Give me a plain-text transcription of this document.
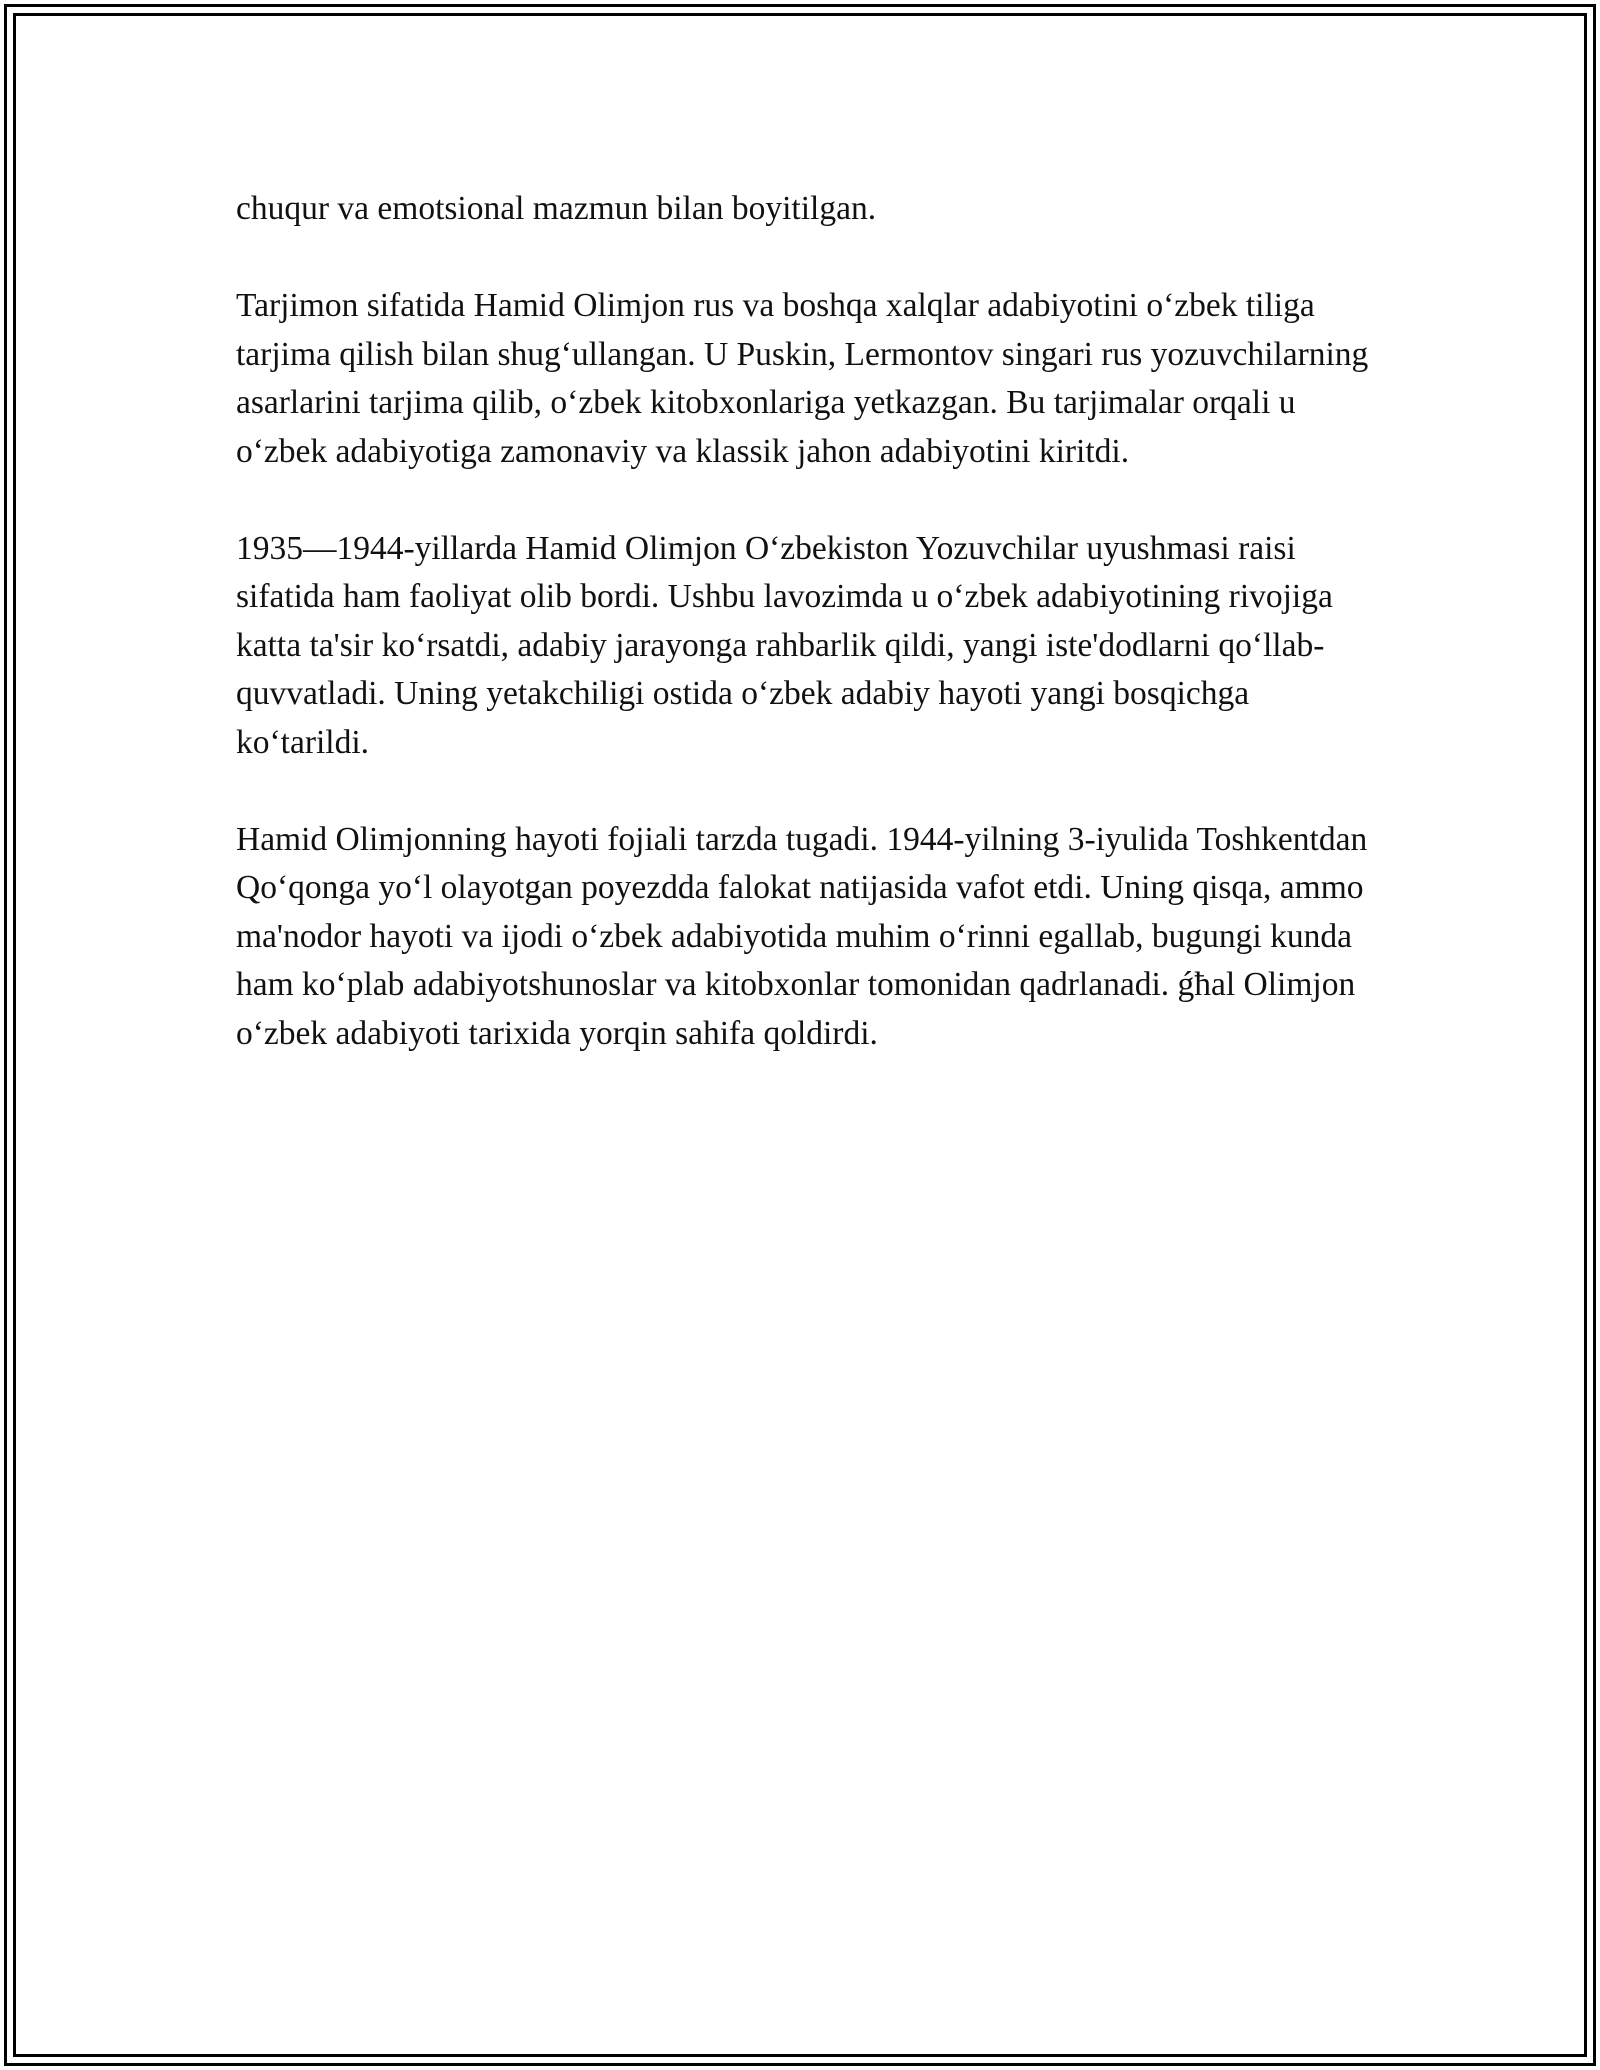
chuqur va emotsional mazmun bilan boyitilgan.

Tarjimon sifatida Hamid Olimjon rus va boshqa xalqlar adabiyotini o‘zbek tiliga tarjima qilish bilan shug‘ullangan. U Puskin, Lermontov singari rus yozuvchilarning asarlarini tarjima qilib, o‘zbek kitobxonlariga yetkazgan. Bu tarjimalar orqali u o‘zbek adabiyotiga zamonaviy va klassik jahon adabiyotini kiritdi.

1935—1944-yillarda Hamid Olimjon O‘zbekiston Yozuvchilar uyushmasi raisi sifatida ham faoliyat olib bordi. Ushbu lavozimda u o‘zbek adabiyotining rivojiga katta ta'sir ko‘rsatdi, adabiy jarayonga rahbarlik qildi, yangi iste'dodlarni qo‘llab-quvvatladi. Uning yetakchiligi ostida o‘zbek adabiy hayoti yangi bosqichga ko‘tarildi.

Hamid Olimjonning hayoti fojiali tarzda tugadi. 1944-yilning 3-iyulida Toshkentdan Qo‘qonga yo‘l olayotgan poyezdda falokat natijasida vafot etdi. Uning qisqa, ammo ma'nodor hayoti va ijodi o‘zbek adabiyotida muhim o‘rinni egallab, bugungi kunda ham ko‘plab adabiyotshunoslar va kitobxonlar tomonidan qadrlanadi. ǵħal Olimjon o‘zbek adabiyoti tarixida yorqin sahifa qoldirdi.
